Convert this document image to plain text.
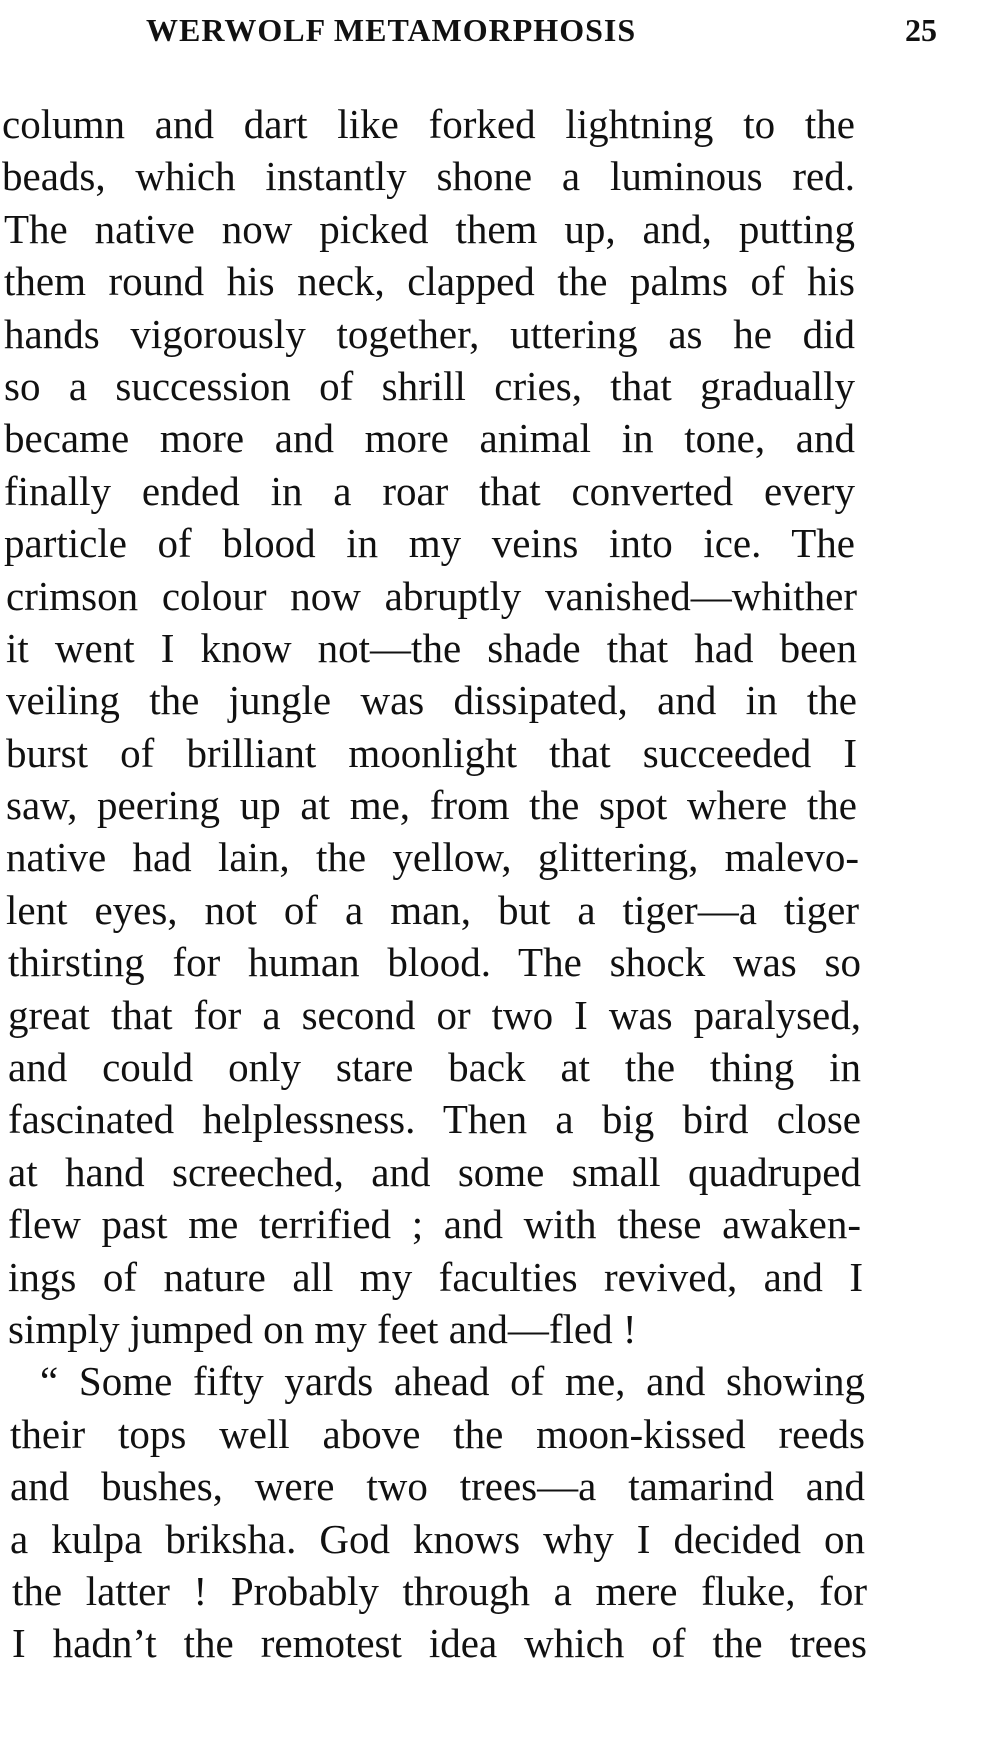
WERWOLF METAMORPHOSIS	25
column and dart like forked lightning to the
beads, which instantly shone a luminous red.
The native now picked them up, and, putting
them round his neck, clapped the palms of his
hands vigorously together, uttering as he did
so a succession of shrill cries, that gradually
became more and more animal in tone, and
finally ended in a roar that converted every
particle of blood in my veins into ice. The
crimson colour now abruptly vanished—whither
it went I know not—the shade that had been
veiling the jungle was dissipated, and in the
burst of brilliant moonlight that succeeded I
saw, peering up at me, from the spot where the
native had lain, the yellow, glittering, malevo-
lent eyes, not of a man, but a tiger—a tiger
thirsting for human blood. The shock was so
great that for a second or two I was paralysed,
and could only stare back at the thing in
fascinated helplessness. Then a big bird close
at hand screeched, and some small quadruped
flew past me terrified ; and with these awaken-
ings of nature all my faculties revived, and I
simply jumped on my feet and—fled !
“ Some fifty yards ahead of me, and showing
their tops well above the moon-kissed reeds
and bushes, were two trees—a tamarind and
a kulpa briksha. God knows why I decided on
the latter ! Probably through a mere fluke, for
I hadn’t the remotest idea which of the trees
